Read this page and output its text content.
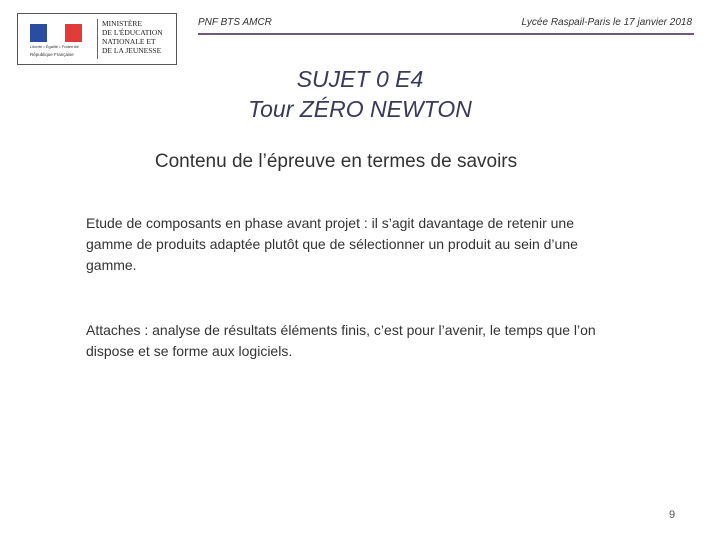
Liberté • Égalité • Fraternité
République Française
MINISTÈRE
DE L'ÉDUCATION
NATIONALE ET
DE LA JEUNESSE
PNF BTS AMCR	Lycée Raspail-Paris le 17 janvier 2018
SUJET 0 E4
Tour ZÉRO NEWTON
Contenu de l’épreuve en termes de savoirs
Etude de composants en phase avant projet : il s’agit davantage de retenir une gamme de produits adaptée plutôt que de sélectionner un produit au sein d’une gamme.
Attaches : analyse de résultats éléments finis, c’est pour l’avenir, le temps que l’on dispose et se forme aux logiciels.
9
